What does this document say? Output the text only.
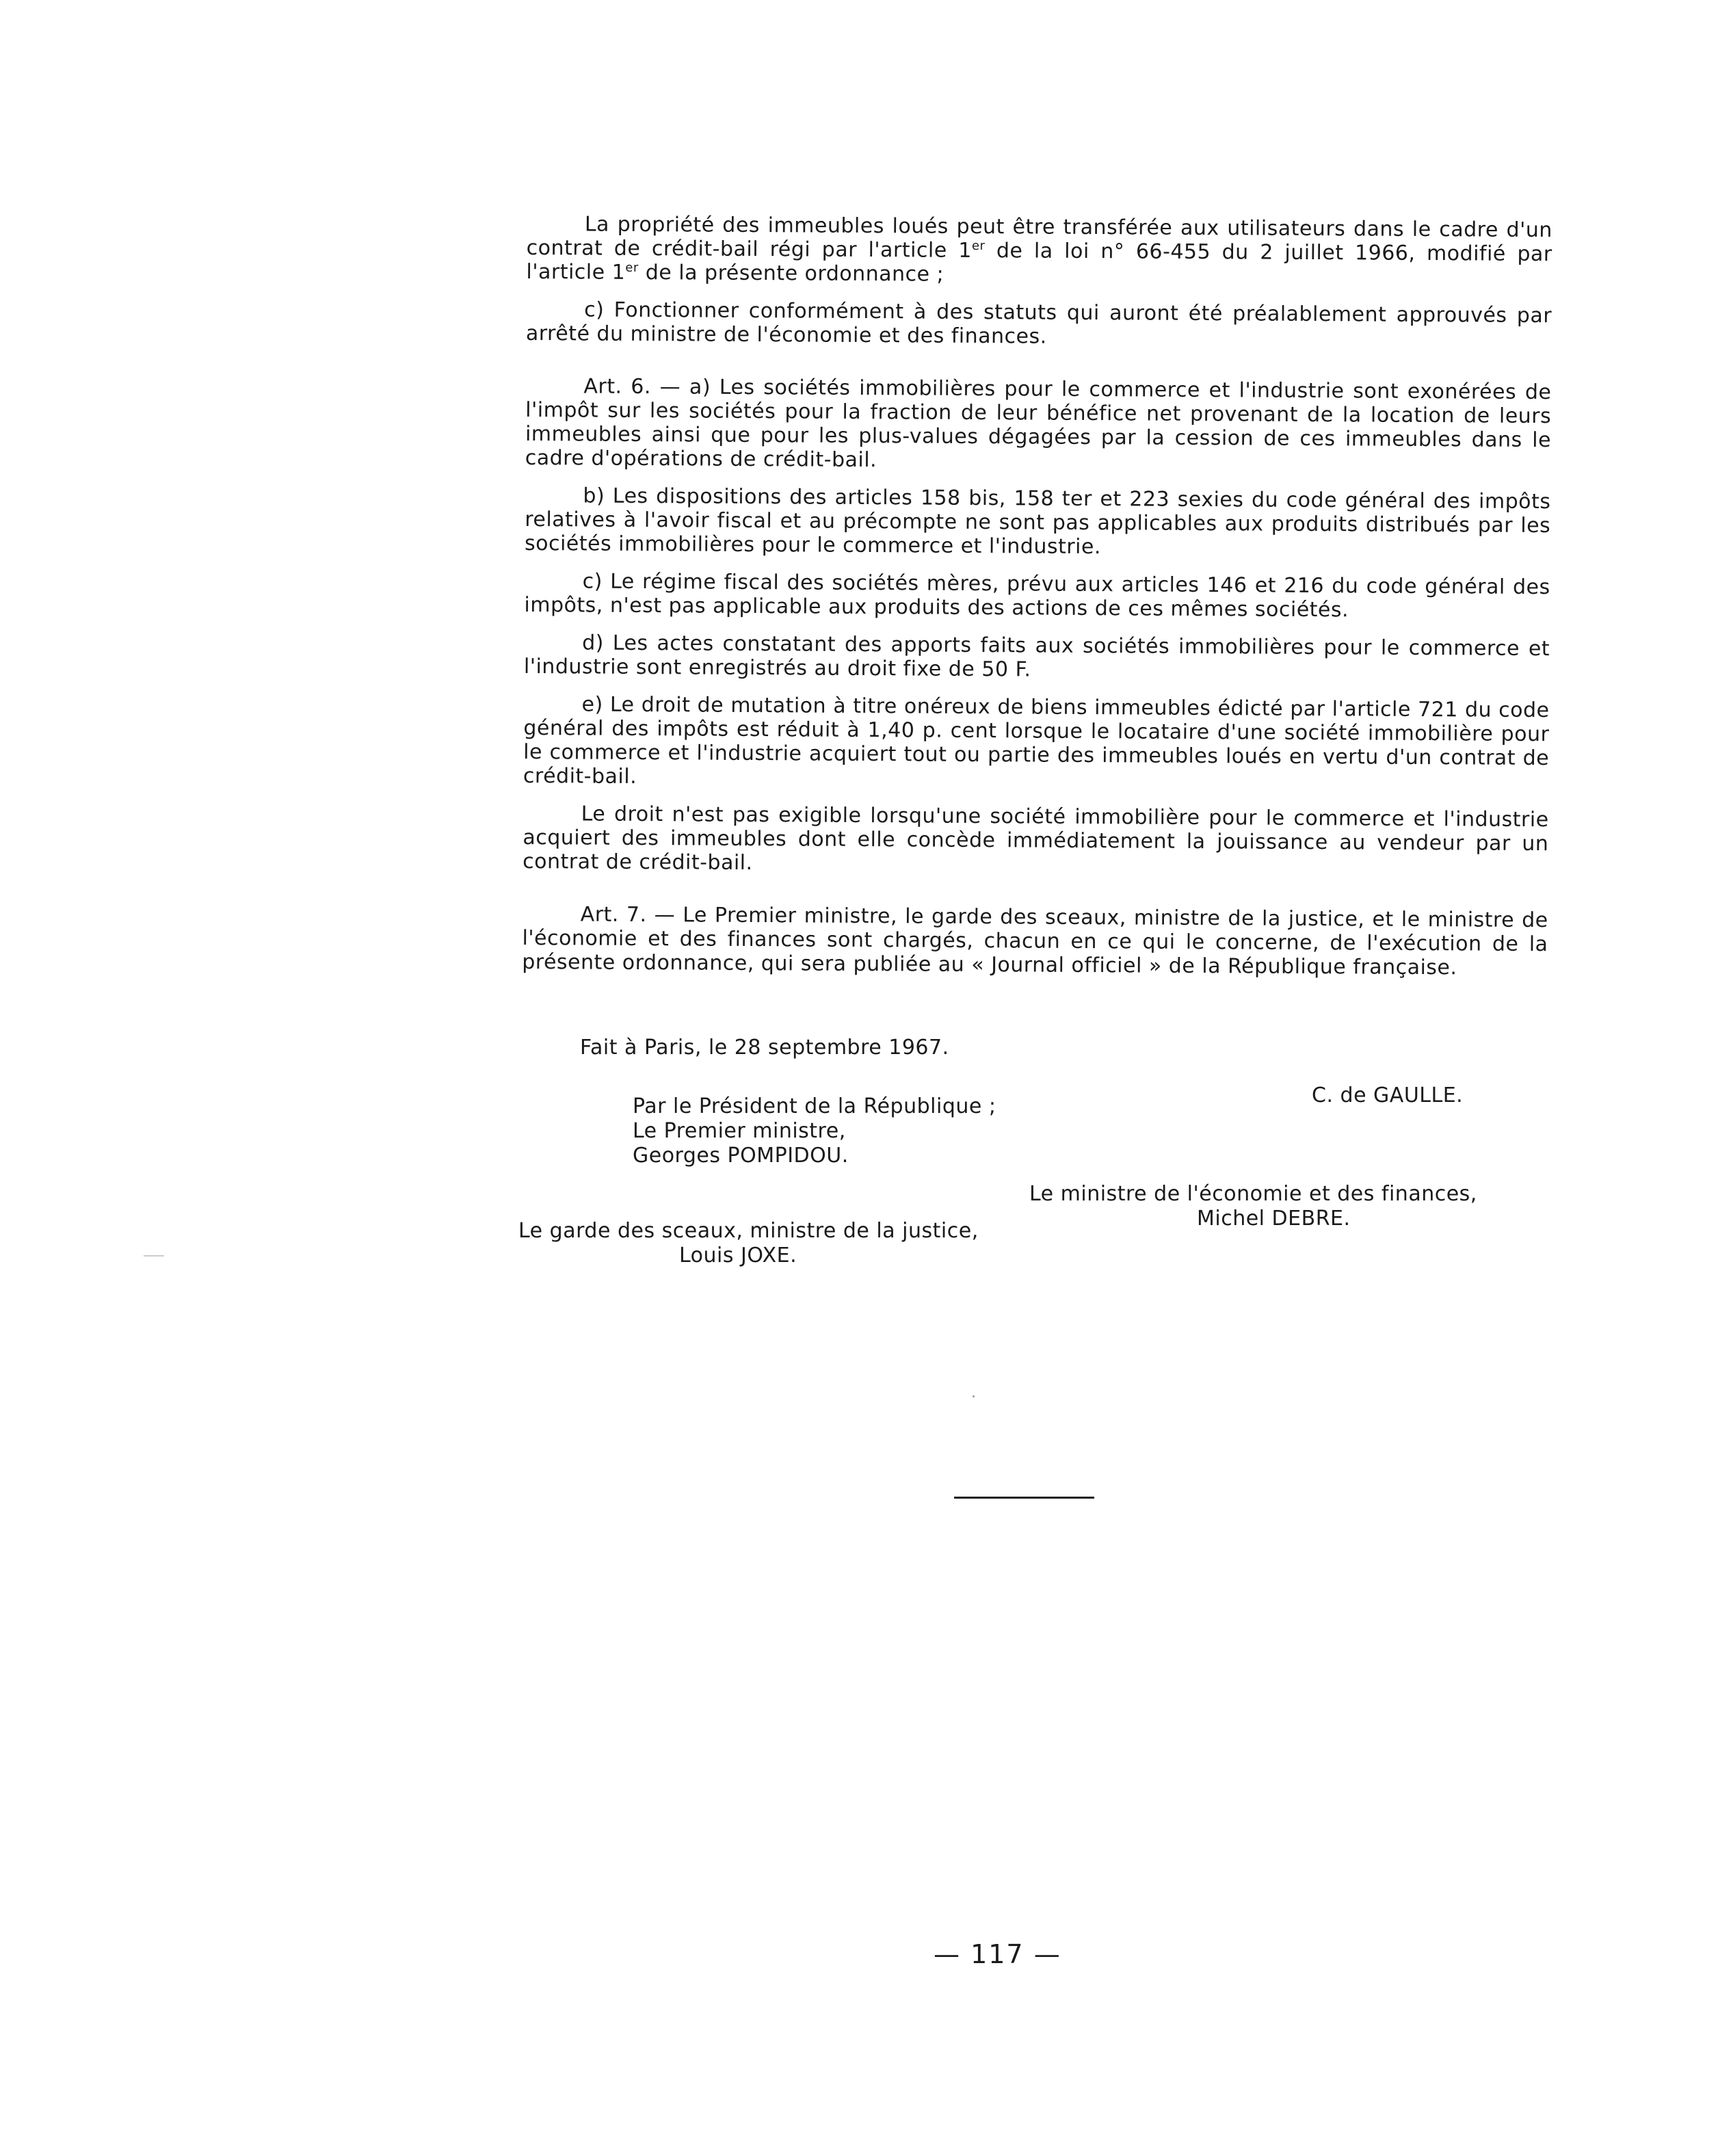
La propriété des immeubles loués peut être transférée aux utilisateurs dans le cadre d'un contrat de crédit-bail régi par l'article 1er de la loi n° 66-455 du 2 juillet 1966, modifié par l'article 1er de la présente ordonnance ;

c) Fonctionner conformément à des statuts qui auront été préalablement approuvés par arrêté du ministre de l'économie et des finances.

Art. 6. — a) Les sociétés immobilières pour le commerce et l'industrie sont exonérées de l'impôt sur les sociétés pour la fraction de leur bénéfice net provenant de la location de leurs immeubles ainsi que pour les plus-values dégagées par la cession de ces immeubles dans le cadre d'opérations de crédit-bail.

b) Les dispositions des articles 158 bis, 158 ter et 223 sexies du code général des impôts relatives à l'avoir fiscal et au précompte ne sont pas applicables aux produits distribués par les sociétés immobilières pour le commerce et l'industrie.

c) Le régime fiscal des sociétés mères, prévu aux articles 146 et 216 du code général des impôts, n'est pas applicable aux produits des actions de ces mêmes sociétés.

d) Les actes constatant des apports faits aux sociétés immobilières pour le commerce et l'industrie sont enregistrés au droit fixe de 50 F.

e) Le droit de mutation à titre onéreux de biens immeubles édicté par l'article 721 du code général des impôts est réduit à 1,40 p. cent lorsque le locataire d'une société immobilière pour le commerce et l'industrie acquiert tout ou partie des immeubles loués en vertu d'un contrat de crédit-bail.

Le droit n'est pas exigible lorsqu'une société immobilière pour le commerce et l'industrie acquiert des immeubles dont elle concède immédiatement la jouissance au vendeur par un contrat de crédit-bail.

Art. 7. — Le Premier ministre, le garde des sceaux, ministre de la justice, et le ministre de l'économie et des finances sont chargés, chacun en ce qui le concerne, de l'exécution de la présente ordonnance, qui sera publiée au « Journal officiel » de la République française.

Fait à Paris, le 28 septembre 1967.
C. de GAULLE.
Par le Président de la République ;
Le Premier ministre,
Georges POMPIDOU.
Le ministre de l'économie et des finances,
Michel DEBRE.
Le garde des sceaux, ministre de la justice,
Louis JOXE.
— 117 —
